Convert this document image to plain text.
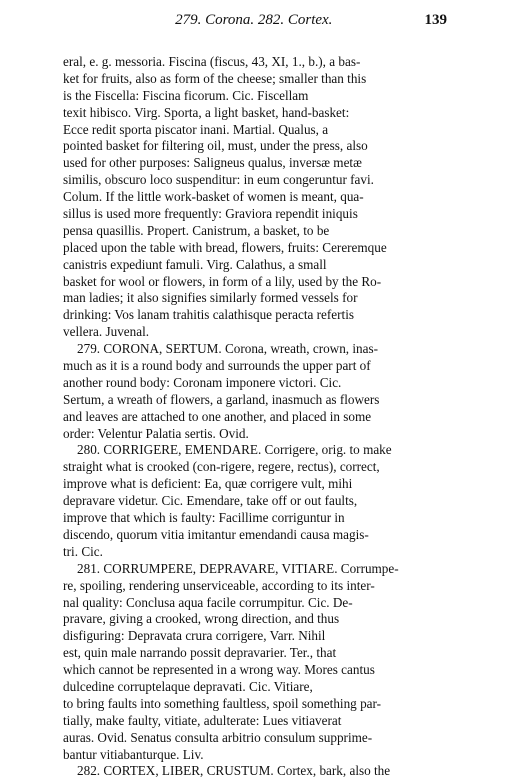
279. Corona. 282. Cortex.	139
eral, e. g. messoria. Fiscina (fiscus, 43, XI, 1., b.), a bas-
ket for fruits, also as form of the cheese; smaller than this
is the Fiscella: Fiscina ficorum. Cic. Fiscellam
texit hibisco. Virg. Sporta, a light basket, hand-basket:
Ecce redit sporta piscator inani. Martial. Qualus, a
pointed basket for filtering oil, must, under the press, also
used for other purposes: Saligneus qualus, inversæ metæ
similis, obscuro loco suspenditur: in eum congeruntur favi.
Colum. If the little work-basket of women is meant, qua-
sillus is used more frequently: Graviora rependit iniquis
pensa quasillis. Propert. Canistrum, a basket, to be
placed upon the table with bread, flowers, fruits: Cereremque
canistris expediunt famuli. Virg. Calathus, a small
basket for wool or flowers, in form of a lily, used by the Ro-
man ladies; it also signifies similarly formed vessels for
drinking: Vos lanam trahitis calathisque peracta refertis
vellera. Juvenal.
279. CORONA, SERTUM. Corona, wreath, crown, inas-
much as it is a round body and surrounds the upper part of
another round body: Coronam imponere victori. Cic.
Sertum, a wreath of flowers, a garland, inasmuch as flowers
and leaves are attached to one another, and placed in some
order: Velentur Palatia sertis. Ovid.
280. CORRIGERE, EMENDARE. Corrigere, orig. to make
straight what is crooked (con-rigere, regere, rectus), correct,
improve what is deficient: Ea, quæ corrigere vult, mihi
depravare videtur. Cic. Emendare, take off or out faults,
improve that which is faulty: Facillime corriguntur in
discendo, quorum vitia imitantur emendandi causa magis-
tri. Cic.
281. CORRUMPERE, DEPRAVARE, VITIARE. Corrumpe-
re, spoiling, rendering unserviceable, according to its inter-
nal quality: Conclusa aqua facile corrumpitur. Cic. De-
pravare, giving a crooked, wrong direction, and thus
disfiguring: Depravata crura corrigere, Varr. Nihil
est, quin male narrando possit depravarier. Ter., that
which cannot be represented in a wrong way. Mores cantus
dulcedine corruptelaque depravati. Cic. Vitiare,
to bring faults into something faultless, spoil something par-
tially, make faulty, vitiate, adulterate: Lues vitiaverat
auras. Ovid. Senatus consulta arbitrio consulum supprime-
bantur vitiabanturque. Liv.
282. CORTEX, LIBER, CRUSTUM. Cortex, bark, also the
